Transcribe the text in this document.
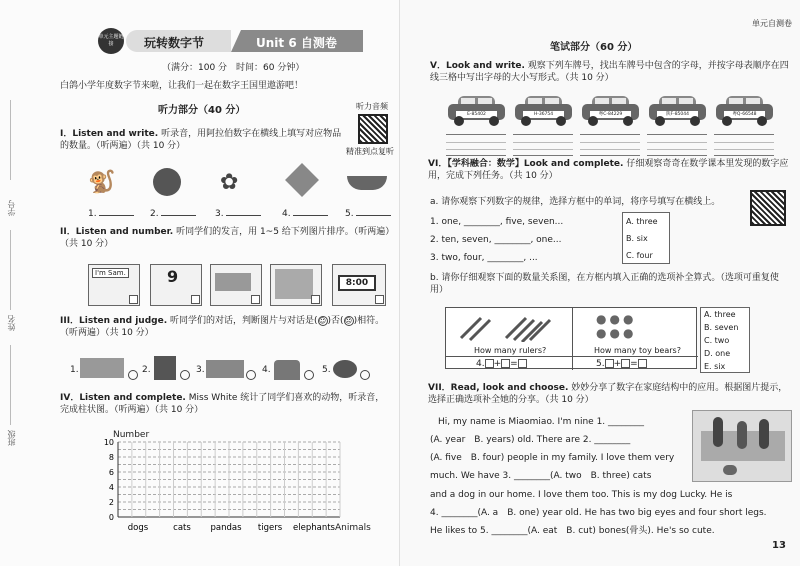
学号
姓名
班级
单元主题链接	玩转数字节	Unit 6 自测卷
（满分：100 分　时间：60 分钟）
白鸽小学年度数字节来啦，让我们一起在数字王国里遨游吧！
听力部分（40 分）	听力音频
精准到点复听
I．Listen and write. 听录音，用阿拉伯数字在横线上填写对应物品的数量。（听两遍）（共 10 分）
🐒	✿
1.	2.	3.	4.	5.
II．Listen and number. 听同学们的发言，用 1~5 给下列图片排序。（听两遍）（共 10 分）
I'm Sam.	9	8:00
III．Listen and judge. 听同学们的对话，判断图片与对话是(☺)否(☹)相符。（听两遍）（共 10 分）
1.	2.	3.	4.	5.
IV．Listen and complete. Miss White 统计了同学们喜欢的动物，听录音，完成柱状图。（听两遍）（共 10 分）
10
8
6
4
2
0
dogs	cats pandas tigers elephants
Number
Animals
单元自测卷
笔试部分（60 分）
V．Look and write. 观察下列车牌号，找出车牌号中包含的字母，并按字母表顺序在四线三格中写出字母的大小写形式。（共 10 分）
VI．【学科融合：数学】Look and complete. 仔细观察奇奇在数学课本里发现的数字应用，完成下列任务。（共 10 分）
a. 请你观察下列数字的规律，选择方框中的单词，将序号填写在横线上。
1. one, ________, five, seven...
2. ten, seven, ________, one...
3. two, four, ________, ...
A. three
B. six
C. four
b. 请你仔细观察下面的数量关系图，在方框内填入正确的选项补全算式。（选项可重复使用）
How many rulers?
●●●
●●●
How many toy bears?
4. + =	5. + =
A. three
B. seven
C. two
D. one
E. six
VII．Read, look and choose. 妙妙分享了数字在家庭结构中的应用。根据图片提示，选择正确选项补全她的分享。（共 10 分）
Hi, my name is Miaomiao. I'm nine 1. ________
(A. year　B. years) old. There are 2. ________
(A. five　B. four) people in my family. I love them very
much. We have 3. ________(A. two　B. three) cats
and a dog in our home. I love them too. This is my dog Lucky. He is
4. ________(A. a　B. one) year old. He has two big eyes and four short legs.
He likes to 5. ________(A. eat　B. cut) bones(骨头). He's so cute.
13
E-85402	H-36754	粤C-84229	陕F-85044	粤Q-66548
